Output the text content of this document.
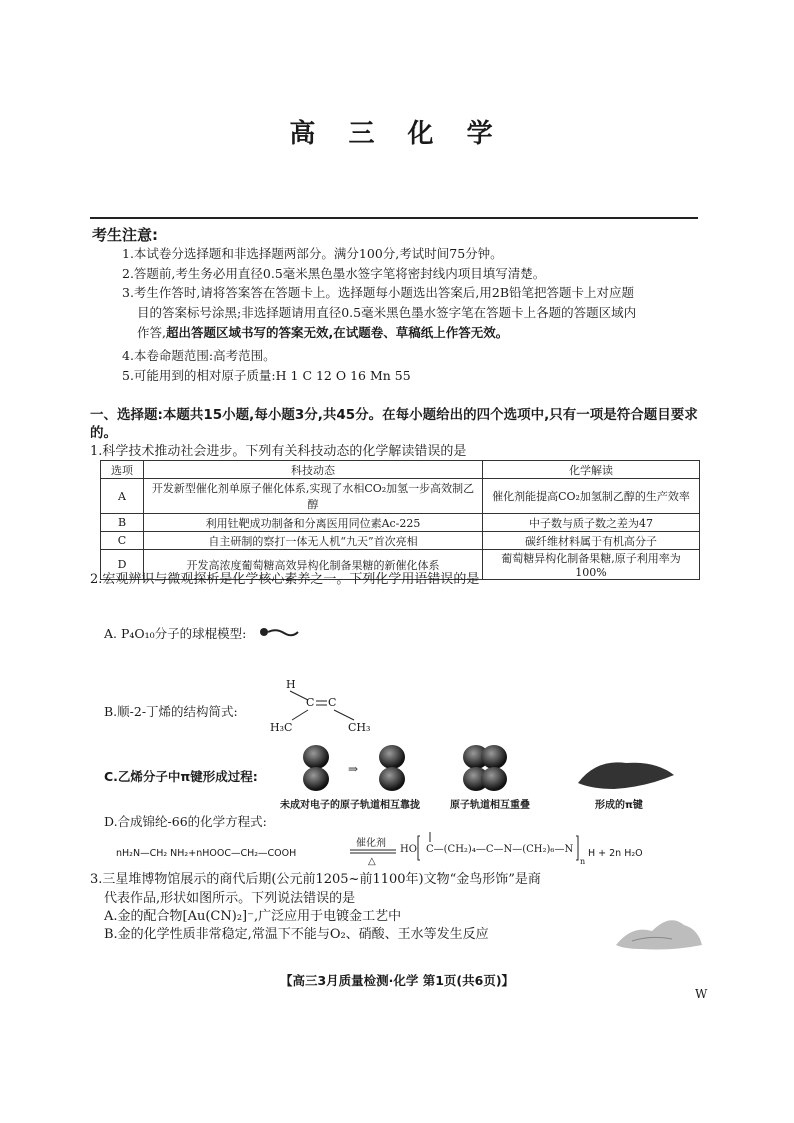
高 三 化 学
考生注意:
1.本试卷分选择题和非选择题两部分。满分100分,考试时间75分钟。
2.答题前,考生务必用直径0.5毫米黑色墨水签字笔将密封线内项目填写清楚。
3.考生作答时,请将答案答在答题卡上。选择题每小题选出答案后,用2B铅笔把答题卡上对应题
目的答案标号涂黑;非选择题请用直径0.5毫米黑色墨水签字笔在答题卡上各题的答题区域内
作答,超出答题区域书写的答案无效,在试题卷、草稿纸上作答无效。
4.本卷命题范围:高考范围。
5.可能用到的相对原子质量:H 1 C 12 O 16 Mn 55
一、选择题:本题共15小题,每小题3分,共45分。在每小题给出的四个选项中,只有一项是符合题目要求的。
1.科学技术推动社会进步。下列有关科技动态的化学解读错误的是
选项	科技动态	化学解读
A	开发新型催化剂单原子催化体系,实现了水相CO₂加氢一步高效制乙醇	催化剂能提高CO₂加氢制乙醇的生产效率
B	利用钍靶成功制备和分离医用同位素Ac-225	中子数与质子数之差为47
C	自主研制的察打一体无人机“九天”首次亮相	碳纤维材料属于有机高分子
D	开发高浓度葡萄糖高效异构化制备果糖的新催化体系	葡萄糖异构化制备果糖,原子利用率为100%
2.宏观辨识与微观探析是化学核心素养之一。下列化学用语错误的是
A. P₄O₁₀分子的球棍模型:
B.顺-2-丁烯的结构简式:
H
C C
H₃C	CH₃
C.乙烯分子中π键形成过程:	⇒
未成对电子的原子轨道相互靠拢	原子轨道相互重叠	形成的π键
D.合成锦纶-66的化学方程式:
nH₂N—CH₂ NH₂+nHOOC—CH₂—COOH
催化剂
△
HO C—(CH₂)₄—C—N—(CH₂)₆—N
n
H + 2n H₂O
3.三星堆博物馆展示的商代后期(公元前1205~前1100年)文物“金鸟形饰”是商
代表作品,形状如图所示。下列说法错误的是
A.金的配合物[Au(CN)₂]⁻,广泛应用于电镀金工艺中
B.金的化学性质非常稳定,常温下不能与O₂、硝酸、王水等发生反应
【高三3月质量检测·化学 第1页(共6页)】
W
